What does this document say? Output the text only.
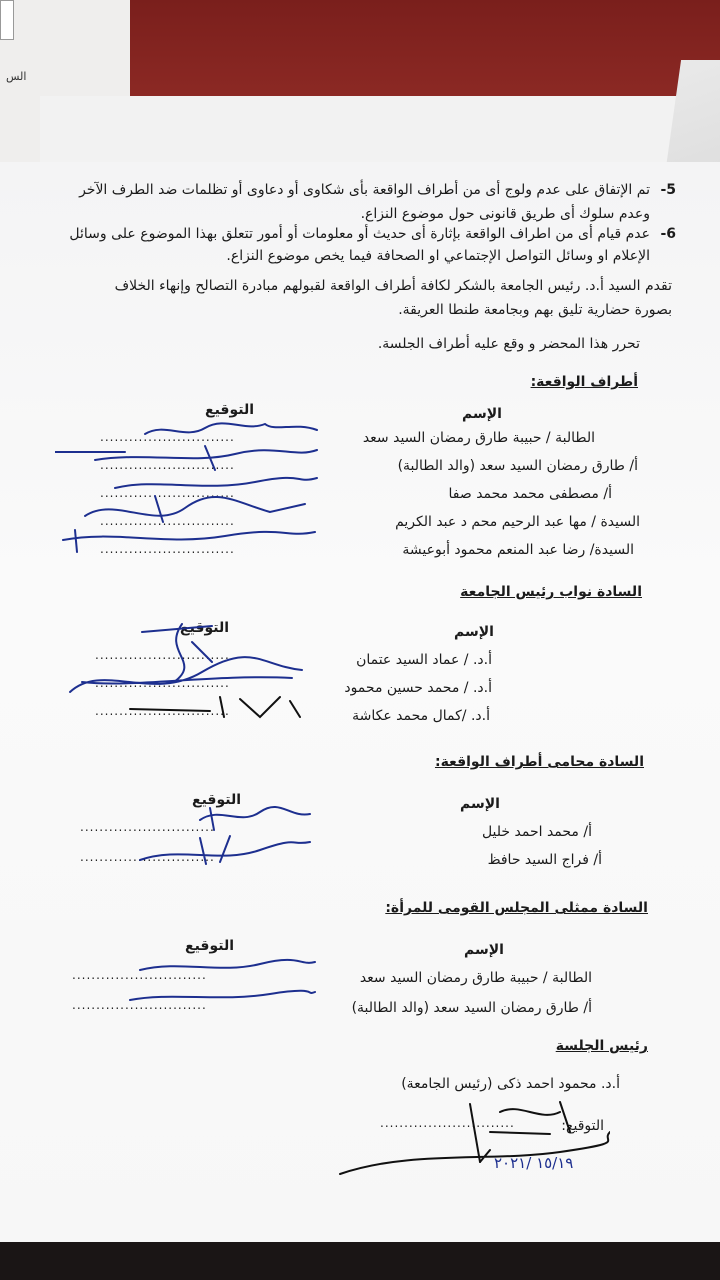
الس
5-
تم الإتفاق على عدم ولوج أى من أطراف الواقعة بأى شكاوى أو دعاوى أو تظلمات ضد الطرف الآخر
وعدم سلوك أى طريق قانونى حول موضوع النزاع.
6-
عدم قيام أى من اطراف الواقعة بإثارة أى حديث أو معلومات أو أمور تتعلق بهذا الموضوع على وسائل
الإعلام او وسائل التواصل الإجتماعي او الصحافة فيما يخص موضوع النزاع.
تقدم السيد أ.د. رئيس الجامعة بالشكر لكافة أطراف الواقعة لقبولهم مبادرة التصالح وإنهاء الخلاف
بصورة حضارية تليق بهم وبجامعة طنطا العريقة.
تحرر هذا المحضر و وقع عليه أطراف الجلسة.
أطراف الواقعة:
الإسم
التوقيع
الطالبة / حبيبة طارق رمضان السيد سعد
أ/ طارق رمضان السيد سعد (والد الطالبة)
أ/ مصطفى محمد محمد صفا
السيدة / مها عبد الرحيم محم د عبد الكريم
السيدة/ رضا عبد المنعم محمود أبوعيشة
............................
............................
............................
............................
............................
السادة نواب رئيس الجامعة
الإسم
التوقيع
أ.د. / عماد السيد عتمان
أ.د. / محمد حسين محمود
أ.د. /كمال محمد عكاشة
............................
............................
............................
السادة محامى أطراف الواقعة:
الإسم
التوقيع
أ/ محمد احمد خليل
أ/ فراج السيد حافظ
............................
............................
السادة ممثلى المجلس القومى للمرأة:
الإسم
التوقيع
الطالبة / حبيبة طارق رمضان السيد سعد
أ/ طارق رمضان السيد سعد (والد الطالبة)
............................
............................
رئيس الجلسة
أ.د. محمود احمد ذكى (رئيس الجامعة)
التوقيع:
............................
١٥/١٩ /٢٠٢١
